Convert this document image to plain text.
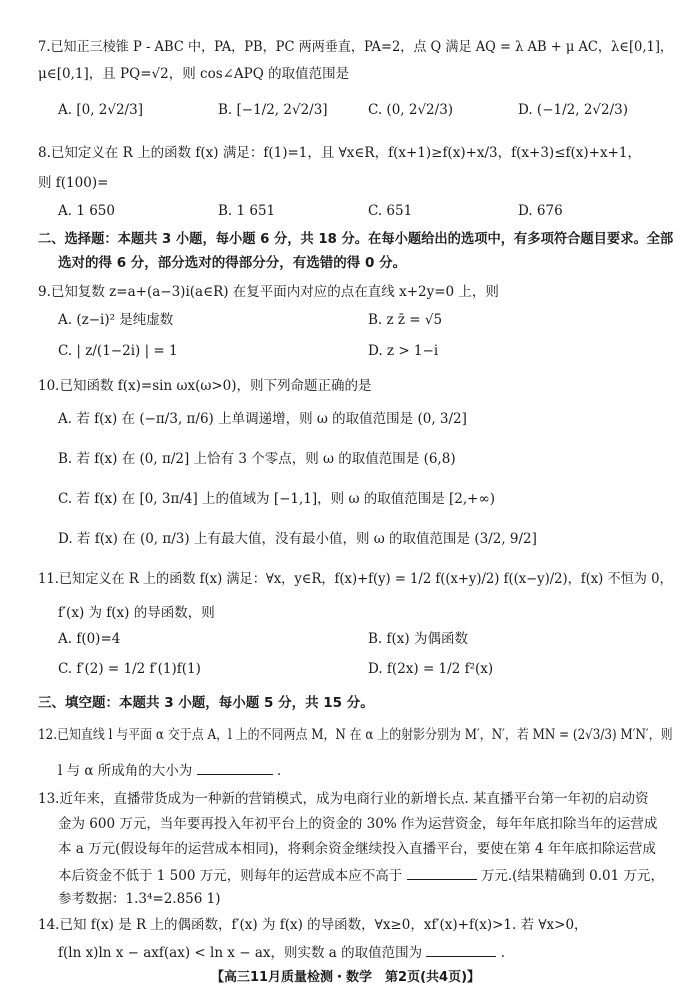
7.已知正三棱锥 P - ABC 中，PA，PB，PC 两两垂直，PA=2，点 Q 满足 AQ = λ AB + μ AC，λ∈[0,1]，
μ∈[0,1]，且 PQ=√2，则 cos∠APQ 的取值范围是
A. [0, 2√2/3]	B. [−1/2, 2√2/3]	C. (0, 2√2/3)	D. (−1/2, 2√2/3)
8.已知定义在 R 上的函数 f(x) 满足：f(1)=1，且 ∀x∈R，f(x+1)≥f(x)+x/3，f(x+3)≤f(x)+x+1，
则 f(100)=
A. 1 650	B. 1 651	C. 651	D. 676
二、选择题：本题共 3 小题，每小题 6 分，共 18 分。在每小题给出的选项中，有多项符合题目要求。全部
选对的得 6 分，部分选对的得部分分，有选错的得 0 分。
9.已知复数 z=a+(a−3)i(a∈R) 在复平面内对应的点在直线 x+2y=0 上，则
A. (z−i)² 是纯虚数	B. z z̄ = √5
C. | z/(1−2i) | = 1	D. z > 1−i
10.已知函数 f(x)=sin ωx(ω>0)，则下列命题正确的是
A. 若 f(x) 在 (−π/3, π/6) 上单调递增，则 ω 的取值范围是 (0, 3/2]
B. 若 f(x) 在 (0, π/2] 上恰有 3 个零点，则 ω 的取值范围是 (6,8)
C. 若 f(x) 在 [0, 3π/4] 上的值域为 [−1,1]，则 ω 的取值范围是 [2,+∞)
D. 若 f(x) 在 (0, π/3) 上有最大值，没有最小值，则 ω 的取值范围是 (3/2, 9/2]
11.已知定义在 R 上的函数 f(x) 满足：∀x，y∈R，f(x)+f(y) = 1/2 f((x+y)/2) f((x−y)/2)，f(x) 不恒为 0，
f′(x) 为 f(x) 的导函数，则
A. f(0)=4	B. f(x) 为偶函数
C. f′(2) = 1/2 f′(1)f(1)	D. f(2x) = 1/2 f²(x)
三、填空题：本题共 3 小题，每小题 5 分，共 15 分。
12.已知直线 l 与平面 α 交于点 A，l 上的不同两点 M，N 在 α 上的射影分别为 M′，N′，若 MN = (2√3/3) M′N′，则
l 与 α 所成角的大小为	.
13.近年来，直播带货成为一种新的营销模式，成为电商行业的新增长点. 某直播平台第一年初的启动资
金为 600 万元，当年要再投入年初平台上的资金的 30% 作为运营资金，每年年底扣除当年的运营成
本 a 万元(假设每年的运营成本相同)，将剩余资金继续投入直播平台，要使在第 4 年年底扣除运营成
本后资金不低于 1 500 万元，则每年的运营成本应不高于	万元.(结果精确到 0.01 万元，
参考数据：1.3⁴=2.856 1)
14.已知 f(x) 是 R 上的偶函数，f′(x) 为 f(x) 的导函数，∀x≥0，xf′(x)+f(x)>1. 若 ∀x>0，
f(ln x)ln x − axf(ax) < ln x − ax，则实数 a 的取值范围为	.
【高三11月质量检测・数学　第2页(共4页)】
